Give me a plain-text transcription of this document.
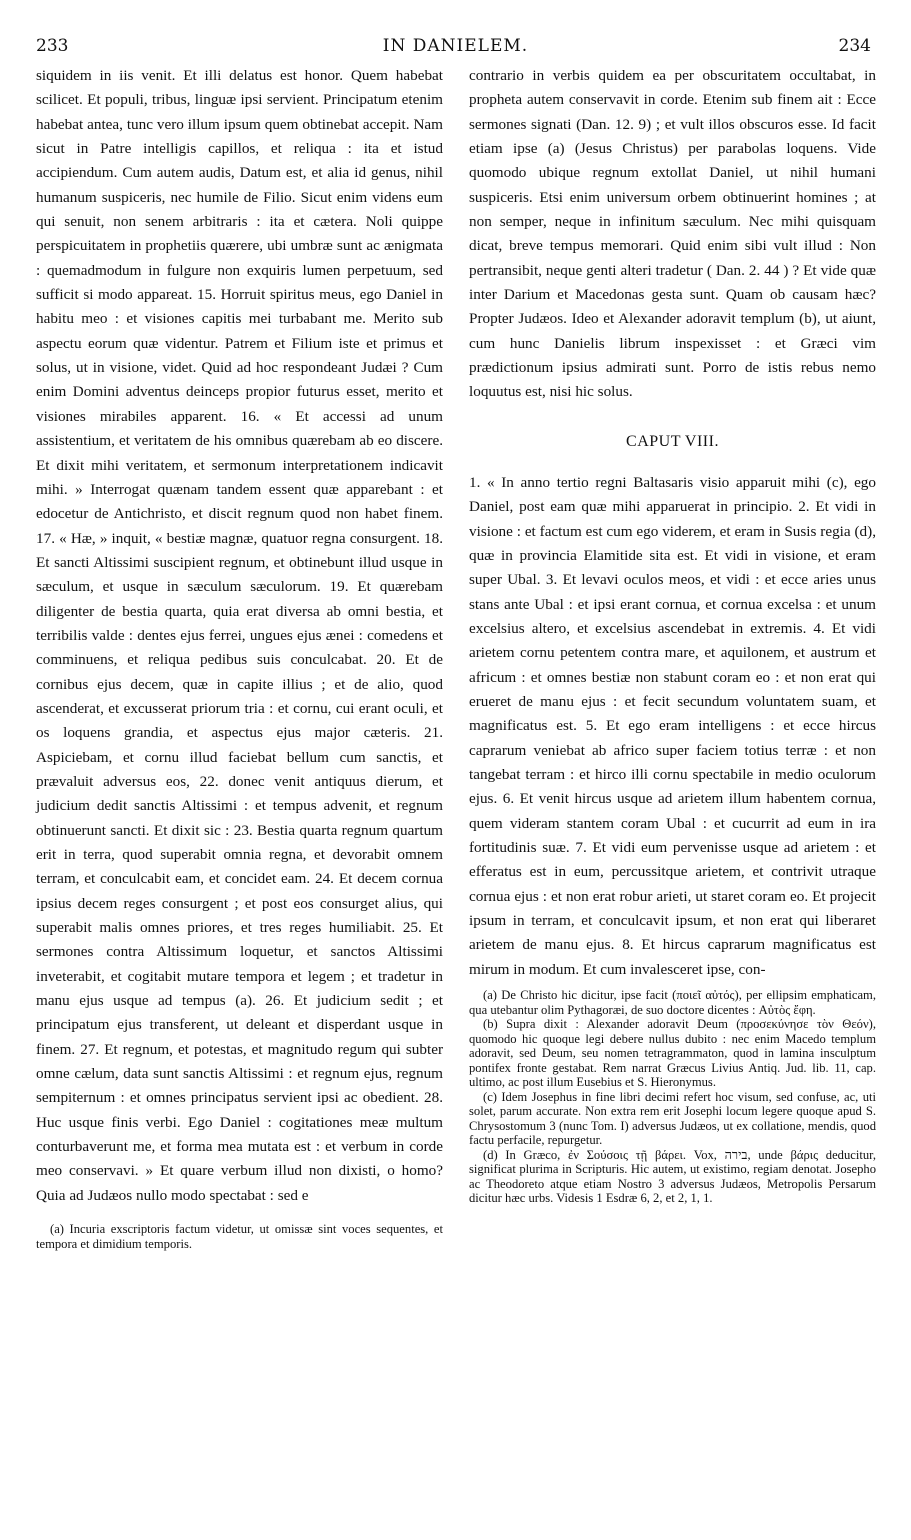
233	IN DANIELEM.	234

siquidem in iis venit. Et illi delatus est honor. Quem habebat scilicet. Et populi, tribus, linguæ ipsi servient. Principatum etenim habebat antea, tunc vero illum ipsum quem obtinebat accepit. Nam sicut in Patre intelligis capillos, et reliqua : ita et istud accipiendum. Cum autem audis, Datum est, et alia id genus, nihil humanum suspiceris, nec humile de Filio. Sicut enim videns eum qui senuit, non senem arbitraris : ita et cætera. Noli quippe perspicuitatem in prophetiis quærere, ubi umbræ sunt ac ænigmata : quemadmodum in fulgure non exquiris lumen perpetuum, sed sufficit si modo appareat. 15. Horruit spiritus meus, ego Daniel in habitu meo : et visiones capitis mei turbabant me. Merito sub aspectu eorum quæ videntur. Patrem et Filium iste et primus et solus, ut in visione, videt. Quid ad hoc respondeant Judæi ? Cum enim Domini adventus deinceps propior futurus esset, merito et visiones mirabiles apparent. 16. « Et accessi ad unum assistentium, et veritatem de his omnibus quærebam ab eo discere. Et dixit mihi veritatem, et sermonum interpretationem indicavit mihi. » Interrogat quænam tandem essent quæ apparebant : et edocetur de Antichristo, et discit regnum quod non habet finem. 17. « Hæ, » inquit, « bestiæ magnæ, quatuor regna consurgent. 18. Et sancti Altissimi suscipient regnum, et obtinebunt illud usque in sæculum, et usque in sæculum sæculorum. 19. Et quærebam diligenter de bestia quarta, quia erat diversa ab omni bestia, et terribilis valde : dentes ejus ferrei, ungues ejus ænei : comedens et comminuens, et reliqua pedibus suis conculcabat. 20. Et de cornibus ejus decem, quæ in capite illius ; et de alio, quod ascenderat, et excusserat priorum tria : et cornu, cui erant oculi, et os loquens grandia, et aspectus ejus major cæteris. 21. Aspiciebam, et cornu illud faciebat bellum cum sanctis, et prævaluit adversus eos, 22. donec venit antiquus dierum, et judicium dedit sanctis Altissimi : et tempus advenit, et regnum obtinuerunt sancti. Et dixit sic : 23. Bestia quarta regnum quartum erit in terra, quod superabit omnia regna, et devorabit omnem terram, et conculcabit eam, et concidet eam. 24. Et decem cornua ipsius decem reges consurgent ; et post eos consurget alius, qui superabit malis omnes priores, et tres reges humiliabit. 25. Et sermones contra Altissimum loquetur, et sanctos Altissimi inveterabit, et cogitabit mutare tempora et legem ; et tradetur in manu ejus usque ad tempus (a). 26. Et judicium sedit ; et principatum ejus transferent, ut deleant et disperdant usque in finem. 27. Et regnum, et potestas, et magnitudo regum qui subter omne cælum, data sunt sanctis Altissimi : et regnum ejus, regnum sempiternum : et omnes principatus servient ipsi ac obedient. 28. Huc usque finis verbi. Ego Daniel : cogitationes meæ multum conturbaverunt me, et forma mea mutata est : et verbum in corde meo conservavi. » Et quare verbum illud non dixisti, o homo? Quia ad Judæos nullo modo spectabat : sed e

(a) Incuria exscriptoris factum videtur, ut omissæ sint voces sequentes, et tempora et dimidium temporis.

contrario in verbis quidem ea per obscuritatem occultabat, in propheta autem conservavit in corde. Etenim sub finem ait : Ecce sermones signati (Dan. 12. 9) ; et vult illos obscuros esse. Id facit etiam ipse (a) (Jesus Christus) per parabolas loquens. Vide quomodo ubique regnum extollat Daniel, ut nihil humani suspiceris. Etsi enim universum orbem obtinuerint homines ; at non semper, neque in infinitum sæculum. Nec mihi quisquam dicat, breve tempus memorari. Quid enim sibi vult illud : Non pertransibit, neque genti alteri tradetur ( Dan. 2. 44 ) ? Et vide quæ inter Darium et Macedonas gesta sunt. Quam ob causam hæc? Propter Judæos. Ideo et Alexander adoravit templum (b), ut aiunt, cum hunc Danielis librum inspexisset : et Græci vim prædictionum ipsius admirati sunt. Porro de istis rebus nemo loquutus est, nisi hic solus.

CAPUT VIII.

1. « In anno tertio regni Baltasaris visio apparuit mihi (c), ego Daniel, post eam quæ mihi apparuerat in principio. 2. Et vidi in visione : et factum est cum ego viderem, et eram in Susis regia (d), quæ in provincia Elamitide sita est. Et vidi in visione, et eram super Ubal. 3. Et levavi oculos meos, et vidi : et ecce aries unus stans ante Ubal : et ipsi erant cornua, et cornua excelsa : et unum excelsius altero, et excelsius ascendebat in extremis. 4. Et vidi arietem cornu petentem contra mare, et aquilonem, et austrum et africum : et omnes bestiæ non stabunt coram eo : et non erat qui erueret de manu ejus : et fecit secundum voluntatem suam, et magnificatus est. 5. Et ego eram intelligens : et ecce hircus caprarum veniebat ab africo super faciem totius terræ : et non tangebat terram : et hirco illi cornu spectabile in medio oculorum ejus. 6. Et venit hircus usque ad arietem illum habentem cornua, quem videram stantem coram Ubal : et cucurrit ad eum in ira fortitudinis suæ. 7. Et vidi eum pervenisse usque ad arietem : et efferatus est in eum, percussitque arietem, et contrivit utraque cornua ejus : et non erat robur arieti, ut staret coram eo. Et projecit ipsum in terram, et conculcavit ipsum, et non erat qui liberaret arietem de manu ejus. 8. Et hircus caprarum magnificatus est mirum in modum. Et cum invalesceret ipse, con-

(a) De Christo hic dicitur, ipse facit (ποιεῖ αὐτός), per ellipsim emphaticam, qua utebantur olim Pythagoræi, de suo doctore dicentes : Αὐτὸς ἔφη.

(b) Supra dixit : Alexander adoravit Deum (προσεκύνησε τὸν Θεόν), quomodo hic quoque legi debere nullus dubito : nec enim Macedo templum adoravit, sed Deum, seu nomen tetragrammaton, quod in lamina insculptum pontifex fronte gestabat. Rem narrat Græcus Livius Antiq. Jud. lib. 11, cap. ultimo, ac post illum Eusebius et S. Hieronymus.

(c) Idem Josephus in fine libri decimi refert hoc visum, sed confuse, ac, uti solet, parum accurate. Non extra rem erit Josephi locum legere quoque apud S. Chrysostomum 3 (nunc Tom. I) adversus Judæos, ut ex collatione, mendis, quod factu perfacile, repurgetur.

(d) In Græco, ἐν Σούσοις τῇ βάρει. Vox, בירה, unde βάρις deducitur, significat plurima in Scripturis. Hic autem, ut existimo, regiam denotat. Josepho ac Theodoreto atque etiam Nostro 3 adversus Judæos, Metropolis Persarum dicitur hæc urbs. Videsis 1 Esdræ 6, 2, et 2, 1, 1.
